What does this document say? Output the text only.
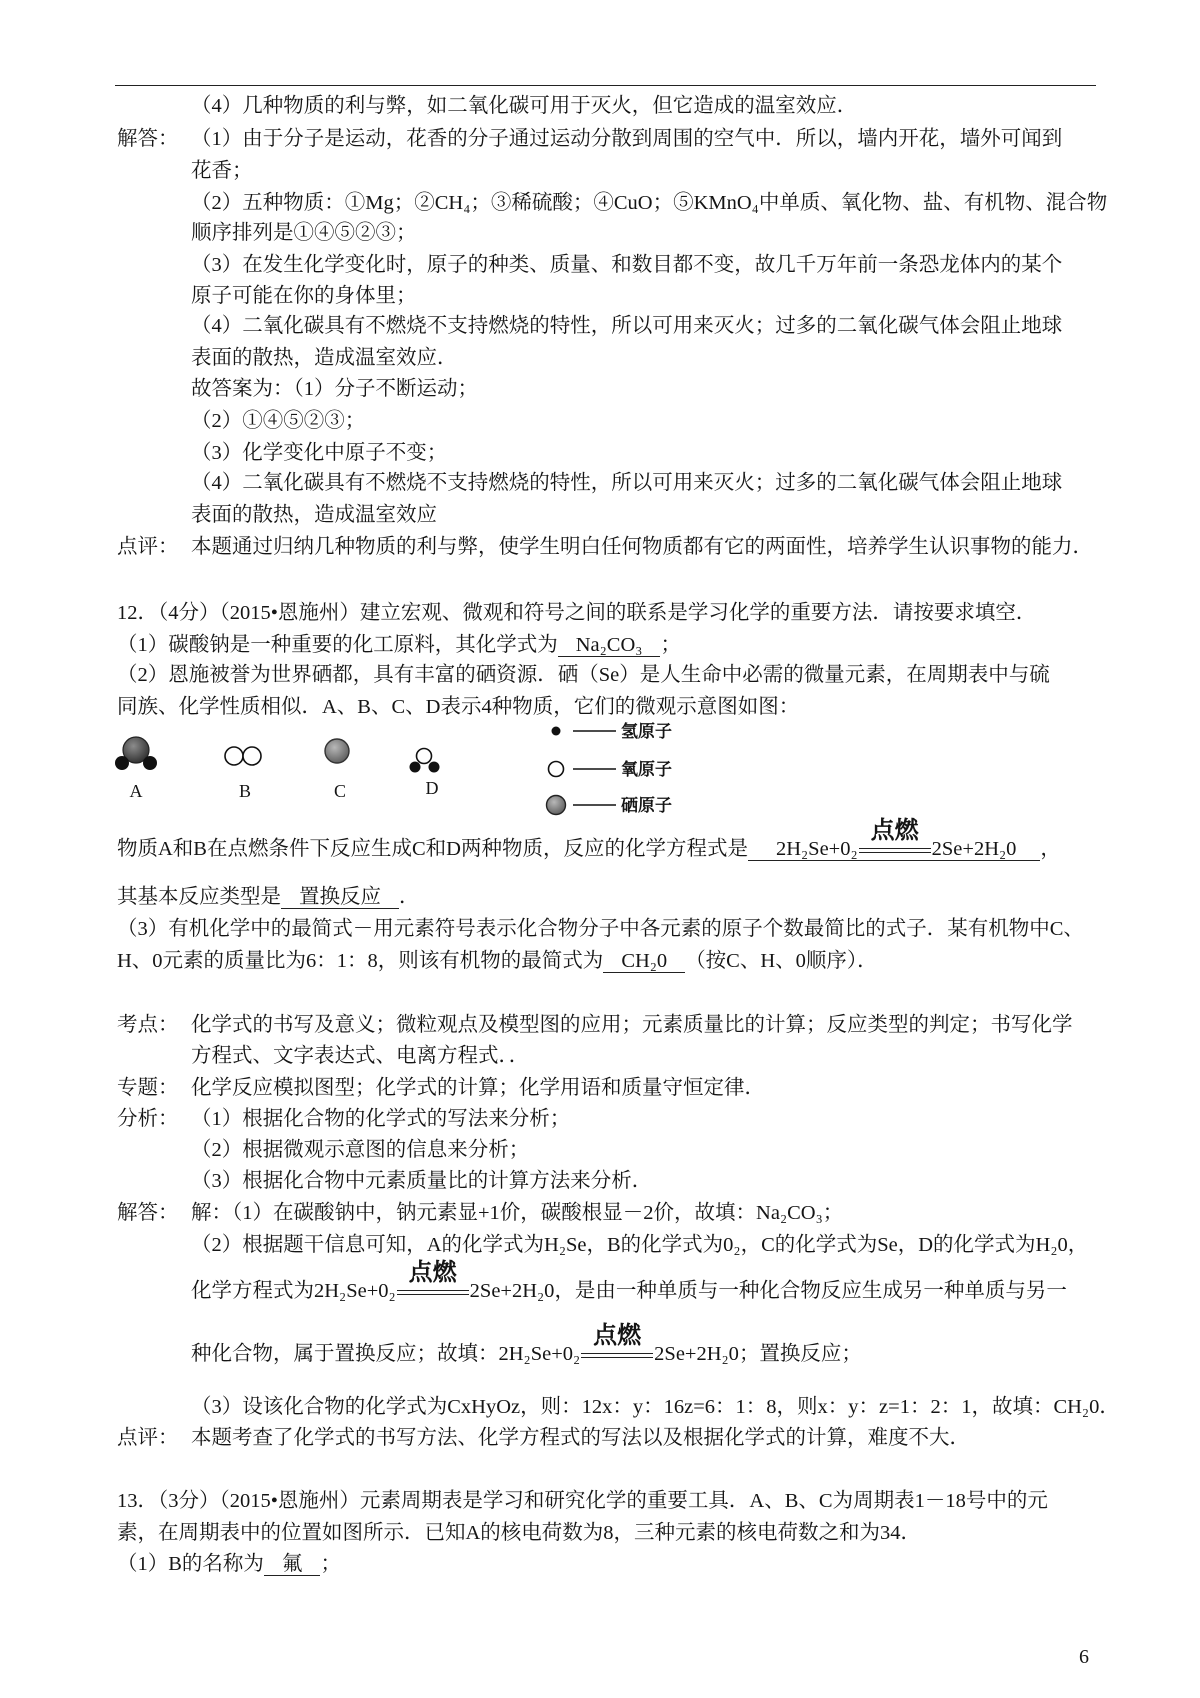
（4）几种物质的利与弊，如二氧化碳可用于灭火，但它造成的温室效应．
解答： （1）由于分子是运动，花香的分子通过运动分散到周围的空气中．所以，墙内开花，墙外可闻到
花香；
（2）五种物质：①Mg；②CH₄；③稀硫酸；④CuO；⑤KMnO₄中单质、氧化物、盐、有机物、混合物
顺序排列是①④⑤②③；
（3）在发生化学变化时，原子的种类、质量、和数目都不变，故几千万年前一条恐龙体内的某个
原子可能在你的身体里；
（4）二氧化碳具有不燃烧不支持燃烧的特性，所以可用来灭火；过多的二氧化碳气体会阻止地球
表面的散热，造成温室效应．
故答案为：（1）分子不断运动；
（2）①④⑤②③；
（3）化学变化中原子不变；
（4）二氧化碳具有不燃烧不支持燃烧的特性，所以可用来灭火；过多的二氧化碳气体会阻止地球
表面的散热，造成温室效应
点评： 本题通过归纳几种物质的利与弊，使学生明白任何物质都有它的两面性，培养学生认识事物的能力．
12．（4分）（2015•恩施州）建立宏观、微观和符号之间的联系是学习化学的重要方法．请按要求填空．
（1）碳酸钠是一种重要的化工原料，其化学式为 Na₂CO₃ ；
（2）恩施被誉为世界硒都，具有丰富的硒资源．硒（Se）是人生命中必需的微量元素，在周期表中与硫
同族、化学性质相似．A、B、C、D表示4种物质，它们的微观示意图如图：
A	B	C	D
氢原子
氧原子
硒原子
物质A和B在点燃条件下反应生成C和D两种物质，反应的化学方程式是 2H₂Se+0₂
点燃
2Se+2H₂0 ，
其基本反应类型是 置换反应 ．
（3）有机化学中的最简式－用元素符号表示化合物分子中各元素的原子个数最简比的式子．某有机物中C、
H、0元素的质量比为6：1：8，则该有机物的最简式为 CH₂0 （按C、H、0顺序）．
考点： 化学式的书写及意义；微粒观点及模型图的应用；元素质量比的计算；反应类型的判定；书写化学
方程式、文字表达式、电离方程式．．
专题： 化学反应模拟图型；化学式的计算；化学用语和质量守恒定律．
分析： （1）根据化合物的化学式的写法来分析；
（2）根据微观示意图的信息来分析；
（3）根据化合物中元素质量比的计算方法来分析．
解答： 解：（1）在碳酸钠中，钠元素显+1价，碳酸根显－2价，故填：Na₂CO₃；
（2）根据题干信息可知，A的化学式为H₂Se，B的化学式为0₂，C的化学式为Se，D的化学式为H₂0，
化学方程式为2H₂Se+0₂
点燃
2Se+2H₂0，是由一种单质与一种化合物反应生成另一种单质与另一
种化合物，属于置换反应；故填：2H₂Se+0₂
点燃
2Se+2H₂0；置换反应；
（3）设该化合物的化学式为CxHyOz，则：12x：y：16z=6：1：8，则x：y：z=1：2：1，故填：CH₂0．
点评： 本题考查了化学式的书写方法、化学方程式的写法以及根据化学式的计算，难度不大．
13．（3分）（2015•恩施州）元素周期表是学习和研究化学的重要工具．A、B、C为周期表1－18号中的元
素，在周期表中的位置如图所示．已知A的核电荷数为8，三种元素的核电荷数之和为34．
（1）B的名称为 氟 ；
6
